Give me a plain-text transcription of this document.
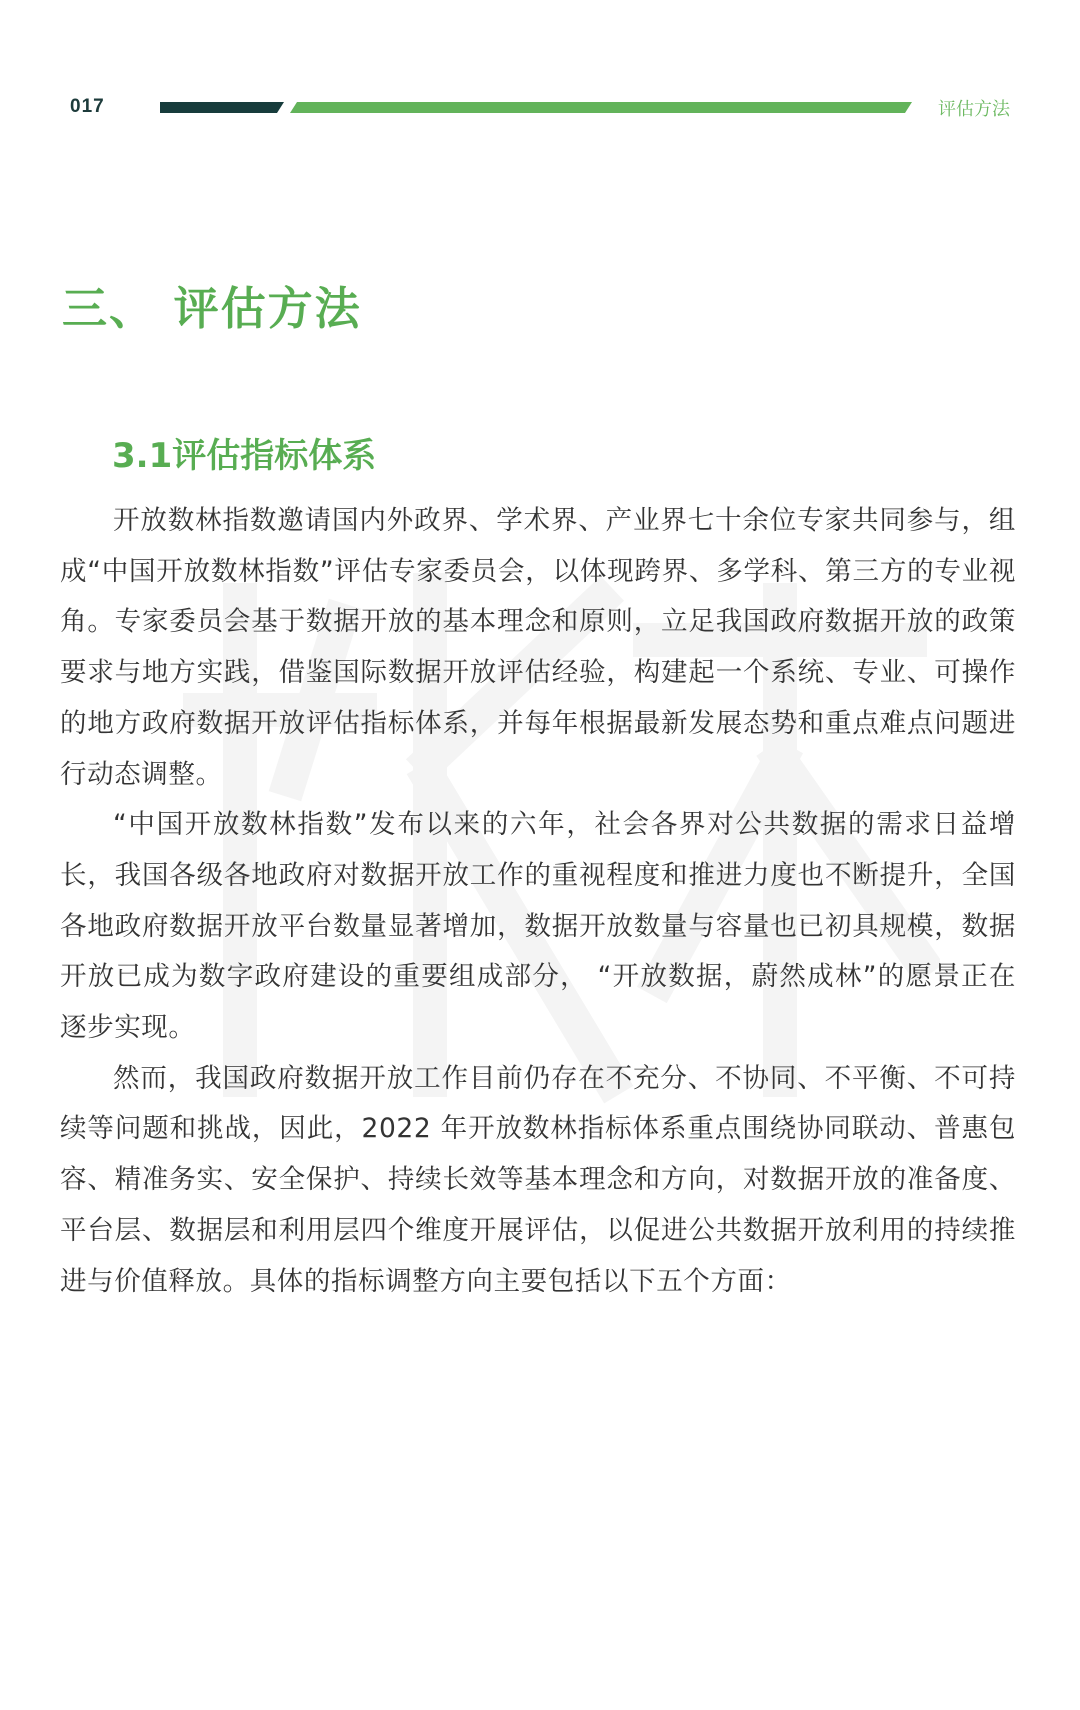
017	评估方法
三、 评估方法
3.1评估指标体系

开放数林指数邀请国内外政界、学术界、产业界七十余位专家共同参与，组成“中国开放数林指数”评估专家委员会，以体现跨界、多学科、第三方的专业视角。专家委员会基于数据开放的基本理念和原则，立足我国政府数据开放的政策要求与地方实践，借鉴国际数据开放评估经验，构建起一个系统、专业、可操作的地方政府数据开放评估指标体系，并每年根据最新发展态势和重点难点问题进行动态调整。

“中国开放数林指数”发布以来的六年，社会各界对公共数据的需求日益增长，我国各级各地政府对数据开放工作的重视程度和推进力度也不断提升，全国各地政府数据开放平台数量显著增加，数据开放数量与容量也已初具规模，数据开放已成为数字政府建设的重要组成部分， “开放数据，蔚然成林”的愿景正在逐步实现。

然而，我国政府数据开放工作目前仍存在不充分、不协同、不平衡、不可持续等问题和挑战，因此，2022 年开放数林指标体系重点围绕协同联动、普惠包容、精准务实、安全保护、持续长效等基本理念和方向，对数据开放的准备度、平台层、数据层和利用层四个维度开展评估，以促进公共数据开放利用的持续推进与价值释放。具体的指标调整方向主要包括以下五个方面：
